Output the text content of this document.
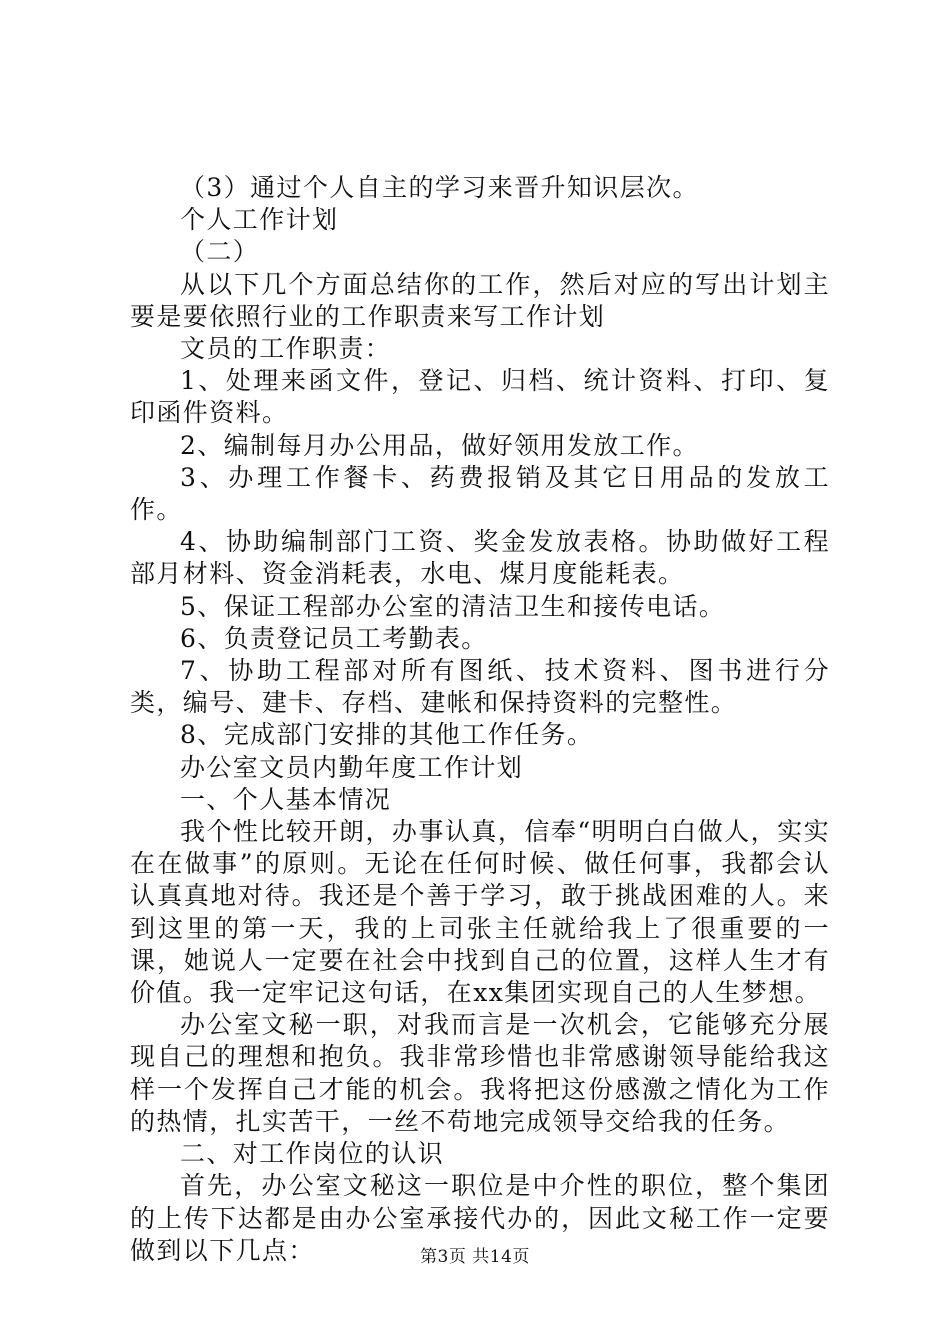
（3）通过个人自主的学习来晋升知识层次。

个人工作计划

（二）

从以下几个方面总结你的工作，然后对应的写出计划主要是要依照行业的工作职责来写工作计划

文员的工作职责：

1、处理来函文件，登记、归档、统计资料、打印、复印函件资料。

2、编制每月办公用品，做好领用发放工作。

3、办理工作餐卡、药费报销及其它日用品的发放工作。

4、协助编制部门工资、奖金发放表格。协助做好工程部月材料、资金消耗表，水电、煤月度能耗表。

5、保证工程部办公室的清洁卫生和接传电话。

6、负责登记员工考勤表。

7、协助工程部对所有图纸、技术资料、图书进行分类，编号、建卡、存档、建帐和保持资料的完整性。

8、完成部门安排的其他工作任务。

办公室文员内勤年度工作计划

一、个人基本情况

我个性比较开朗，办事认真，信奉“明明白白做人，实实在在做事”的原则。无论在任何时候、做任何事，我都会认认真真地对待。我还是个善于学习，敢于挑战困难的人。来到这里的第一天，我的上司张主任就给我上了很重要的一课，她说人一定要在社会中找到自己的位置，这样人生才有价值。我一定牢记这句话，在xx集团实现自己的人生梦想。

办公室文秘一职，对我而言是一次机会，它能够充分展现自己的理想和抱负。我非常珍惜也非常感谢领导能给我这样一个发挥自己才能的机会。我将把这份感激之情化为工作的热情，扎实苦干，一丝不苟地完成领导交给我的任务。

二、对工作岗位的认识

首先，办公室文秘这一职位是中介性的职位，整个集团的上传下达都是由办公室承接代办的，因此文秘工作一定要做到以下几点：	第3页 共14页
